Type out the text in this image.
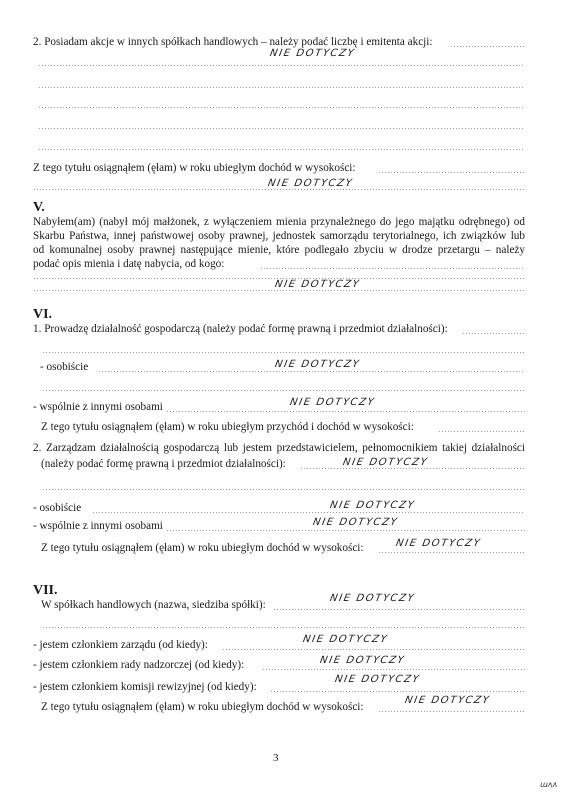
2. Posiadam akcje w innych spółkach handlowych – należy podać liczbę i emitenta akcji:
NIE DOTYCZY
Z tego tytułu osiągnąłem (ęłam) w roku ubiegłym dochód w wysokości:
NIE DOTYCZY
V.
Nabyłem(am) (nabył mój małżonek, z wyłączeniem mienia przynależnego do jego majątku odrębnego) od
Skarbu Państwa, innej państwowej osoby prawnej, jednostek samorządu terytorialnego, ich związków lub
od komunalnej osoby prawnej następujące mienie, które podlegało zbyciu w drodze przetargu – należy
podać opis mienia i datę nabycia, od kogo:
NIE DOTYCZY
VI.
1. Prowadzę działalność gospodarczą (należy podać formę prawną i przedmiot działalności):
- osobiście	NIE DOTYCZY
- wspólnie z innymi osobami	NIE DOTYCZY
Z tego tytułu osiągnąłem (ęłam) w roku ubiegłym przychód i dochód w wysokości:
2. Zarządzam działalnością gospodarczą lub jestem przedstawicielem, pełnomocnikiem takiej działalności
(należy podać formę prawną i przedmiot działalności):	NIE DOTYCZY
- osobiście	NIE DOTYCZY
- wspólnie z innymi osobami	NIE DOTYCZY
Z tego tytułu osiągnąłem (ęłam) w roku ubiegłym dochód w wysokości:	NIE DOTYCZY
VII.
W spółkach handlowych (nazwa, siedziba spółki):
NIE DOTYCZY
- jestem członkiem zarządu (od kiedy):	NIE DOTYCZY
- jestem członkiem rady nadzorczej (od kiedy):	NIE DOTYCZY
- jestem członkiem komisji rewizyjnej (od kiedy):
NIE DOTYCZY
Z tego tytułu osiągnąłem (ęłam) w roku ubiegłym dochód w wysokości:
NIE DOTYCZY
3
ɯʌʌ
